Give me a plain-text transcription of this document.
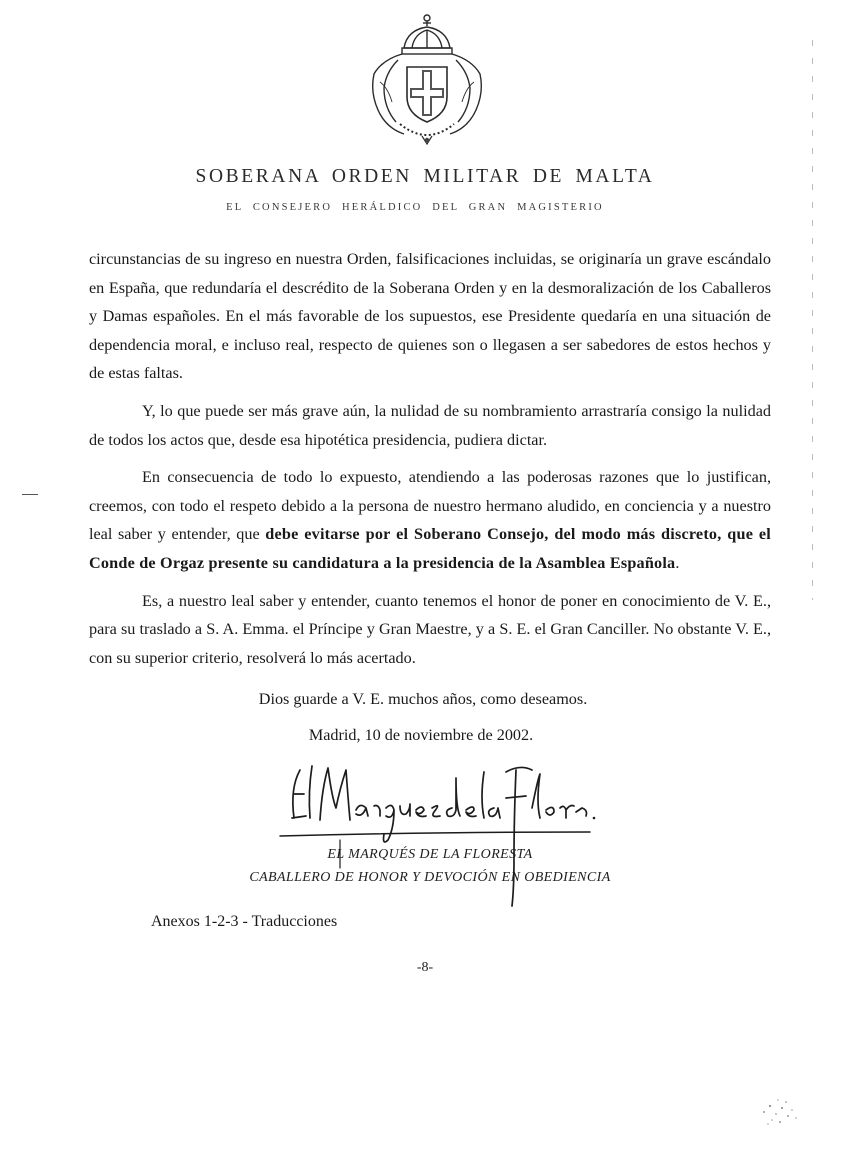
SOBERANA ORDEN MILITAR DE MALTA
EL CONSEJERO HERÁLDICO DEL GRAN MAGISTERIO

circunstancias de su ingreso en nuestra Orden, falsificaciones incluidas, se originaría un grave escándalo en España, que redundaría el descrédito de la Soberana Orden y en la desmoralización de los Caballeros y Damas españoles. En el más favorable de los supuestos, ese Presidente quedaría en una situación de dependencia moral, e incluso real, respecto de quienes son o llegasen a ser sabedores de estos hechos y de estas faltas.

Y, lo que puede ser más grave aún, la nulidad de su nombramiento arrastraría consigo la nulidad de todos los actos que, desde esa hipotética presidencia, pudiera dictar.

En consecuencia de todo lo expuesto, atendiendo a las poderosas razones que lo justifican, creemos, con todo el respeto debido a la persona de nuestro hermano aludido, en conciencia y a nuestro leal saber y entender, que debe evitarse por el Soberano Consejo, del modo más discreto, que el Conde de Orgaz presente su candidatura a la presidencia de la Asamblea Española.

Es, a nuestro leal saber y entender, cuanto tenemos el honor de poner en conocimiento de V. E., para su traslado a S. A. Emma. el Príncipe y Gran Maestre, y a S. E. el Gran Canciller. No obstante V. E., con su superior criterio, resolverá lo más acertado.

Dios guarde a V. E. muchos años, como deseamos.
Madrid, 10 de noviembre de 2002.
EL MARQUÉS DE LA FLORESTA
CABALLERO DE HONOR Y DEVOCIÓN EN OBEDIENCIA
Anexos 1-2-3 - Traducciones
-8-
